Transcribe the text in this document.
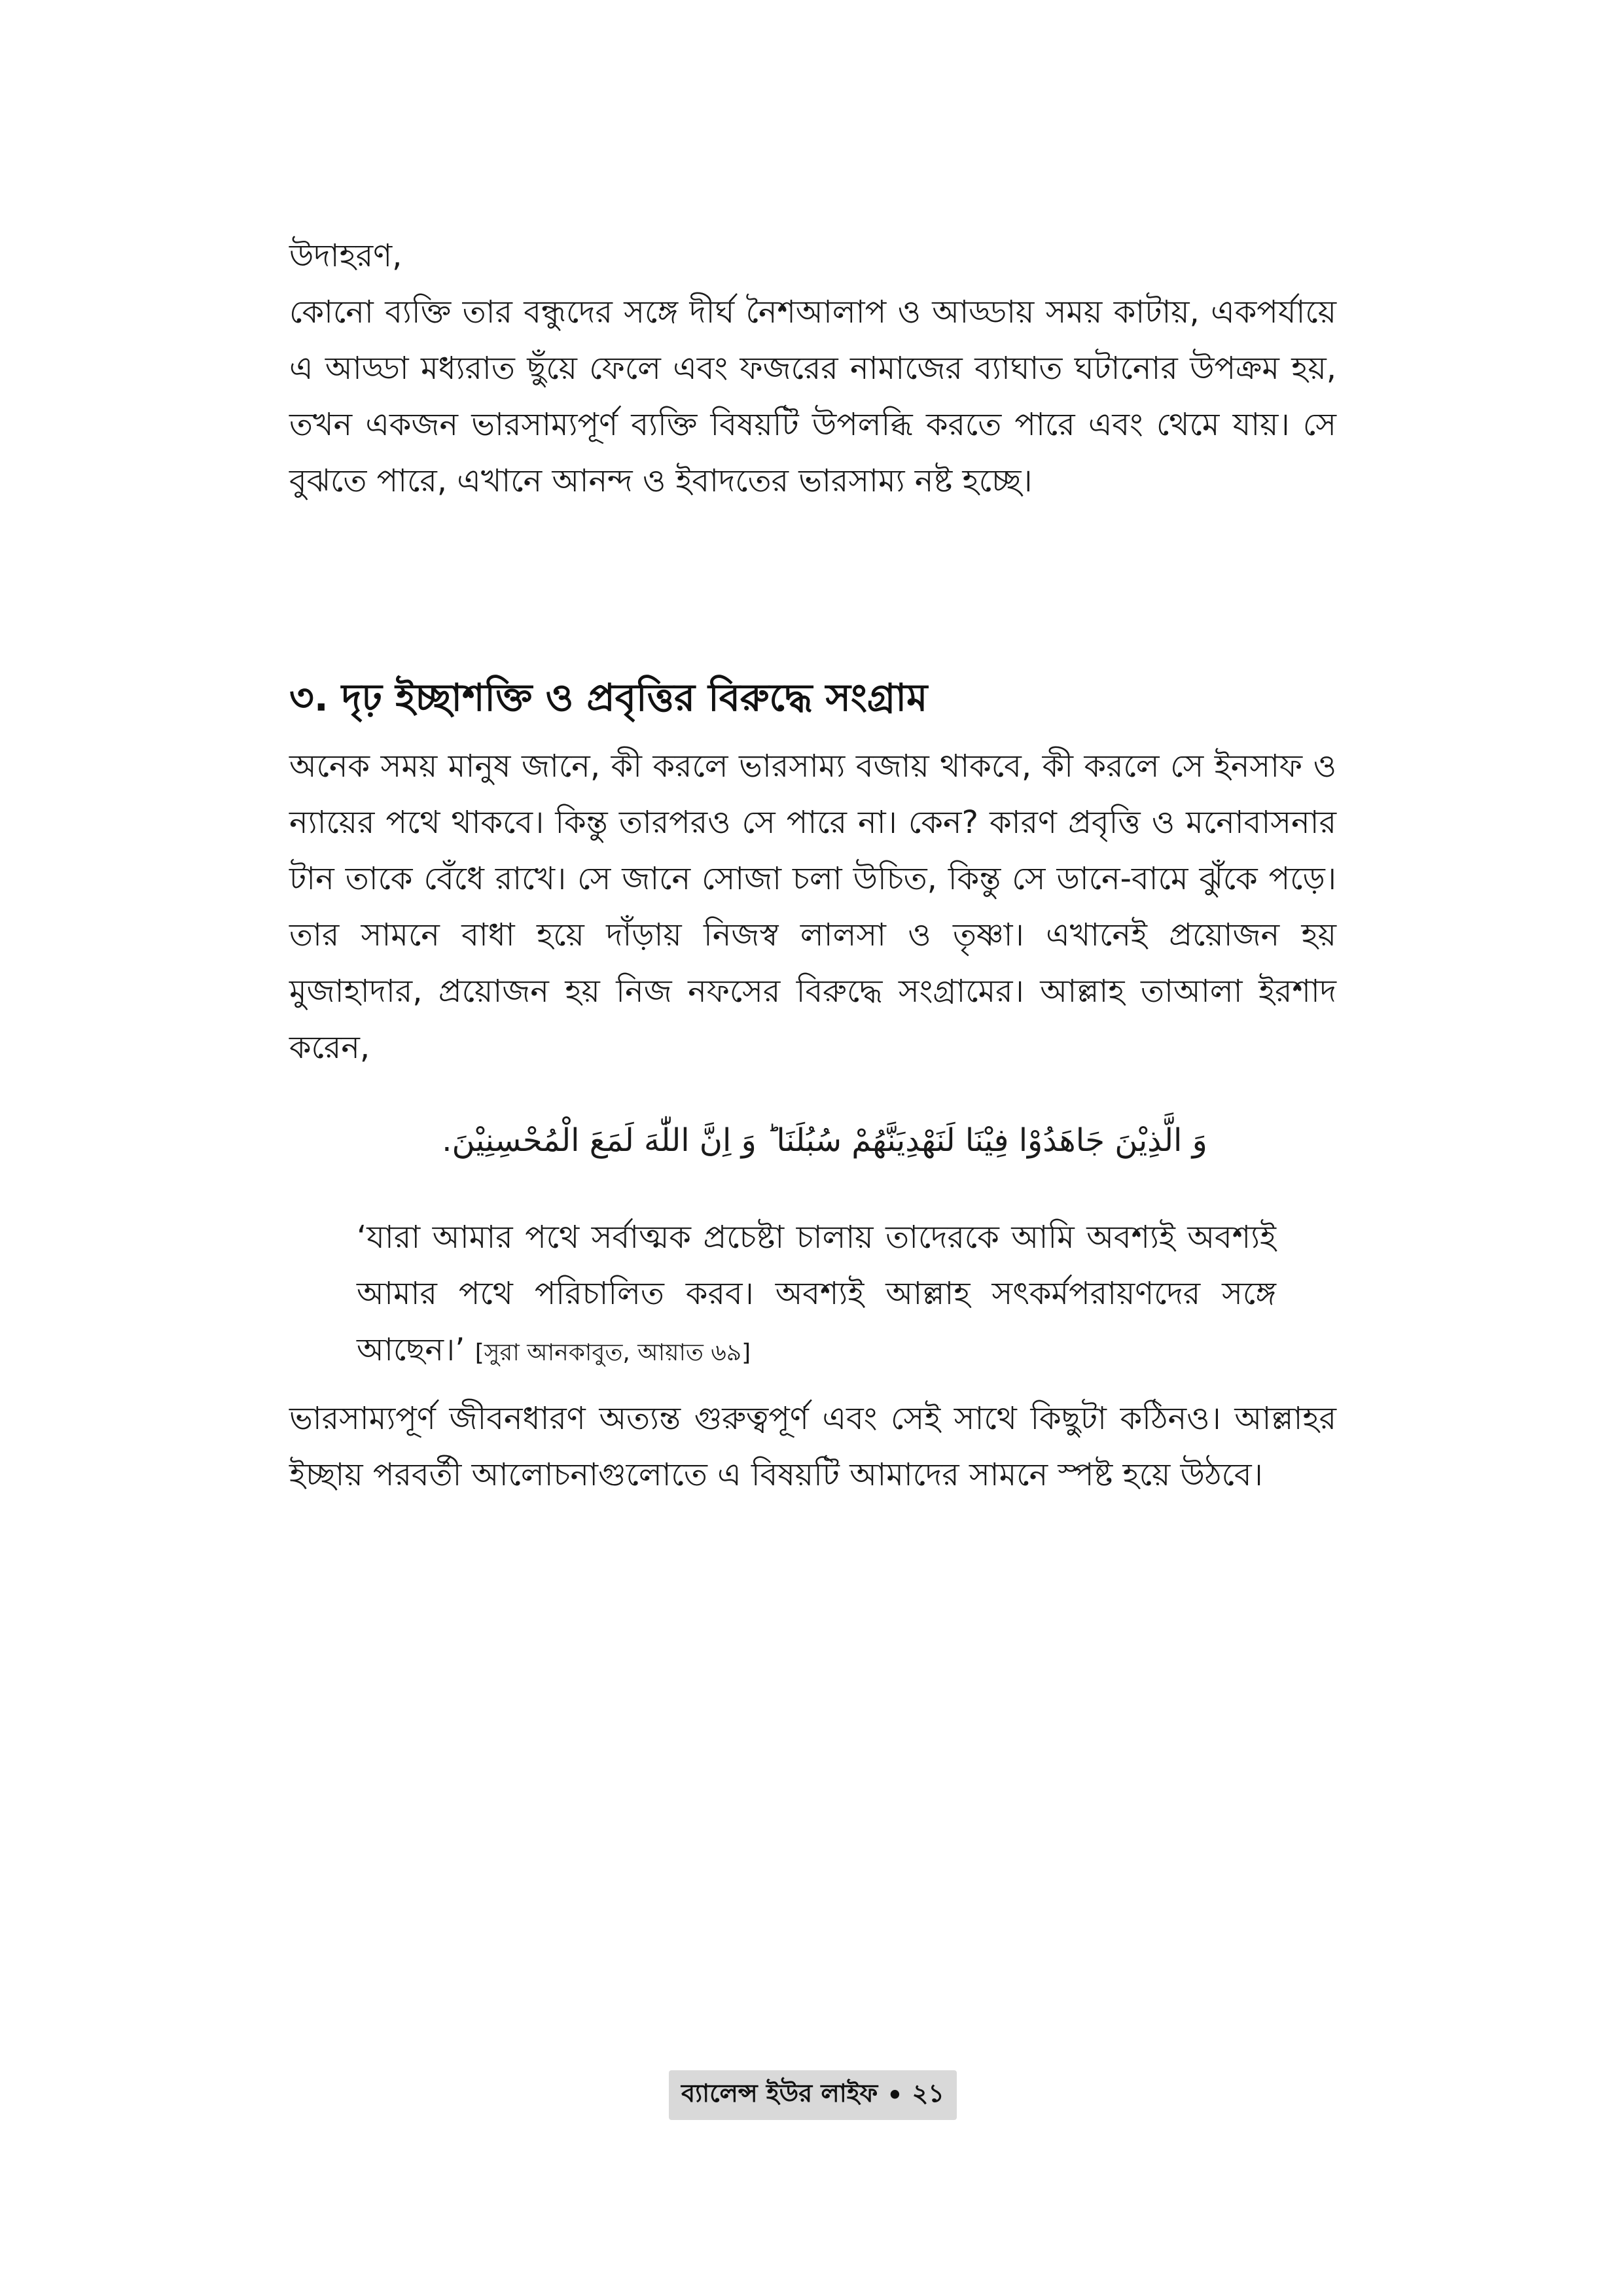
উদাহরণ,

কোনো ব্যক্তি তার বন্ধুদের সঙ্গে দীর্ঘ নৈশআলাপ ও আড্ডায় সময় কাটায়, একপর্যায়ে এ আড্ডা মধ্যরাত ছুঁয়ে ফেলে এবং ফজরের নামাজের ব্যাঘাত ঘটানোর উপক্রম হয়, তখন একজন ভারসাম্যপূর্ণ ব্যক্তি বিষয়টি উপলব্ধি করতে পারে এবং থেমে যায়। সে বুঝতে পারে, এখানে আনন্দ ও ইবাদতের ভারসাম্য নষ্ট হচ্ছে।

৩. দৃঢ় ইচ্ছাশক্তি ও প্রবৃত্তির বিরুদ্ধে সংগ্রাম

অনেক সময় মানুষ জানে, কী করলে ভারসাম্য বজায় থাকবে, কী করলে সে ইনসাফ ও ন্যায়ের পথে থাকবে। কিন্তু তারপরও সে পারে না। কেন? কারণ প্রবৃত্তি ও মনোবাসনার টান তাকে বেঁধে রাখে। সে জানে সোজা চলা উচিত, কিন্তু সে ডানে-বামে ঝুঁকে পড়ে। তার সামনে বাধা হয়ে দাঁড়ায় নিজস্ব লালসা ও তৃষ্ণা। এখানেই প্রয়োজন হয় মুজাহাদার, প্রয়োজন হয় নিজ নফসের বিরুদ্ধে সংগ্রামের। আল্লাহ তাআলা ইরশাদ করেন,

وَ الَّذِيْنَ جَاهَدُوْا فِيْنَا لَنَهْدِيَنَّهُمْ سُبُلَنَا ؕ وَ اِنَّ اللّٰهَ لَمَعَ الْمُحْسِنِيْنَ.

‘যারা আমার পথে সর্বাত্মক প্রচেষ্টা চালায় তাদেরকে আমি অবশ্যই অবশ্যই আমার পথে পরিচালিত করব। অবশ্যই আল্লাহ সৎকর্মপরায়ণদের সঙ্গে আছেন।’ [সুরা আনকাবুত, আয়াত ৬৯]

ভারসাম্যপূর্ণ জীবনধারণ অত্যন্ত গুরুত্বপূর্ণ এবং সেই সাথে কিছুটা কঠিনও। আল্লাহর ইচ্ছায় পরবর্তী আলোচনাগুলোতে এ বিষয়টি আমাদের সামনে স্পষ্ট হয়ে উঠবে।

ব্যালেন্স ইউর লাইফ • ২১
